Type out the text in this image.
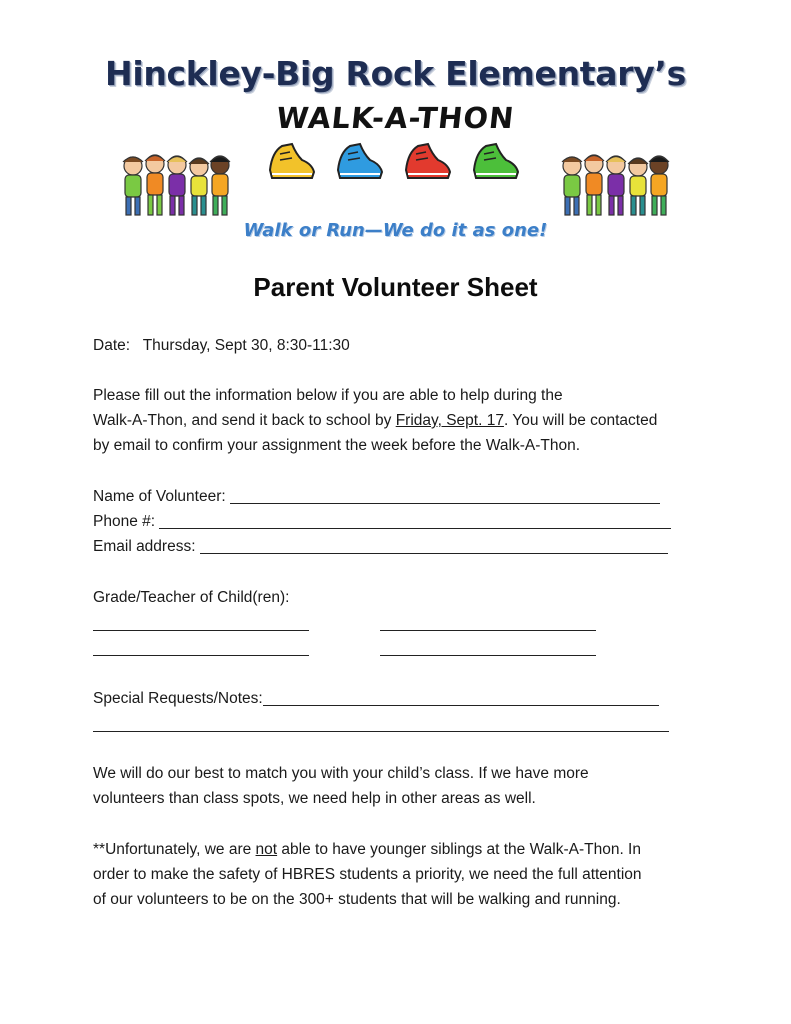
Hinckley-Big Rock Elementary’s
WALK-A-THON
Walk or Run—We do it as one!
Parent Volunteer Sheet
Date: Thursday, Sept 30, 8:30-11:30
Please fill out the information below if you are able to help during the
Walk-A-Thon, and send it back to school by Friday, Sept. 17. You will be contacted
by email to confirm your assignment the week before the Walk-A-Thon.
Name of Volunteer:
Phone #:
Email address:
Grade/Teacher of Child(ren):
Special Requests/Notes:
We will do our best to match you with your child’s class. If we have more
volunteers than class spots, we need help in other areas as well.
**Unfortunately, we are not able to have younger siblings at the Walk-A-Thon. In
order to make the safety of HBRES students a priority, we need the full attention
of our volunteers to be on the 300+ students that will be walking and running.
